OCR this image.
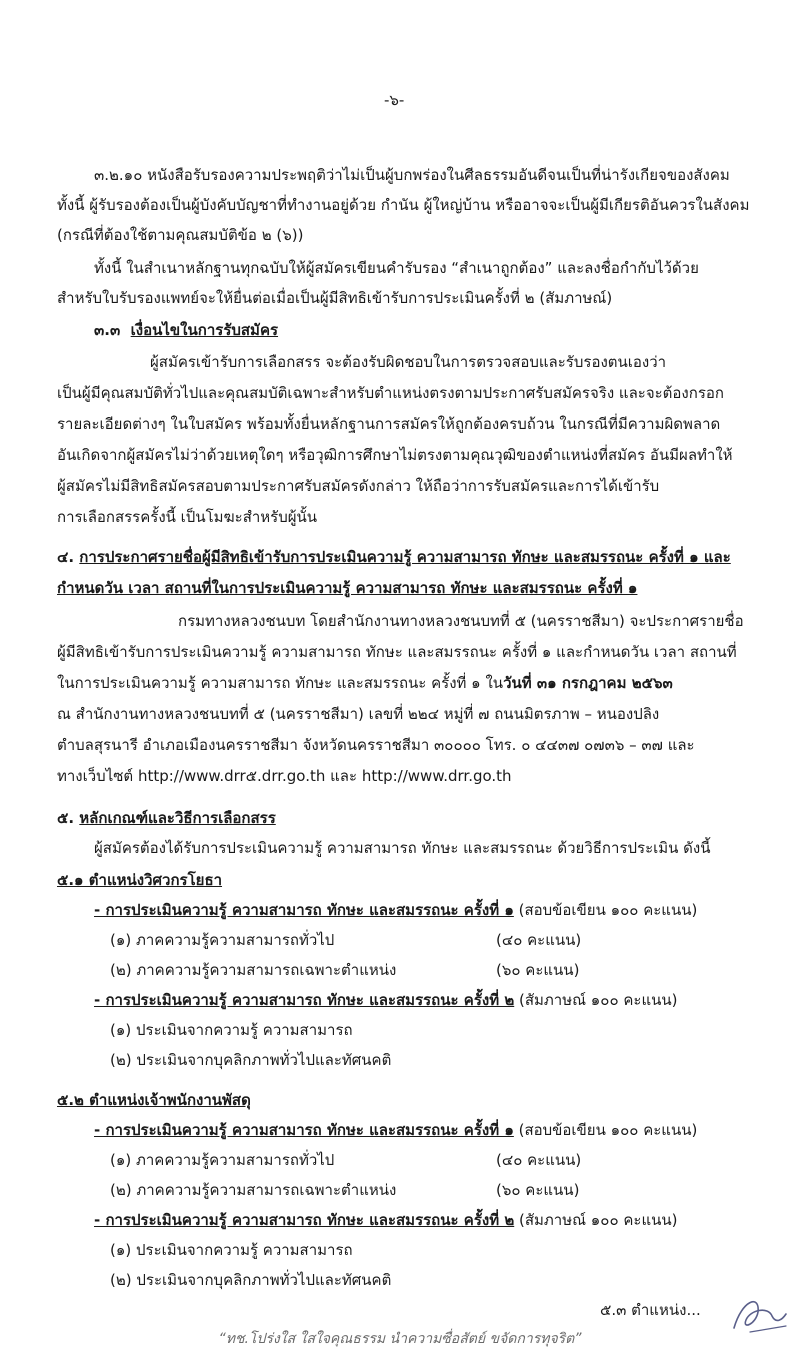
-๖-
๓.๒.๑๐ หนังสือรับรองความประพฤติว่าไม่เป็นผู้บกพร่องในศีลธรรมอันดีจนเป็นที่น่ารังเกียจของสังคม
ทั้งนี้ ผู้รับรองต้องเป็นผู้บังคับบัญชาที่ทำงานอยู่ด้วย กำนัน ผู้ใหญ่บ้าน หรืออาจจะเป็นผู้มีเกียรติอันควรในสังคม
(กรณีที่ต้องใช้ตามคุณสมบัติข้อ ๒ (๖))
ทั้งนี้ ในสำเนาหลักฐานทุกฉบับให้ผู้สมัครเขียนคำรับรอง “สำเนาถูกต้อง” และลงชื่อกำกับไว้ด้วย
สำหรับใบรับรองแพทย์จะให้ยื่นต่อเมื่อเป็นผู้มีสิทธิเข้ารับการประเมินครั้งที่ ๒ (สัมภาษณ์)
๓.๓ เงื่อนไขในการรับสมัคร
ผู้สมัครเข้ารับการเลือกสรร จะต้องรับผิดชอบในการตรวจสอบและรับรองตนเองว่า
เป็นผู้มีคุณสมบัติทั่วไปและคุณสมบัติเฉพาะสำหรับตำแหน่งตรงตามประกาศรับสมัครจริง และจะต้องกรอก
รายละเอียดต่างๆ ในใบสมัคร พร้อมทั้งยื่นหลักฐานการสมัครให้ถูกต้องครบถ้วน ในกรณีที่มีความผิดพลาด
อันเกิดจากผู้สมัครไม่ว่าด้วยเหตุใดๆ หรือวุฒิการศึกษาไม่ตรงตามคุณวุฒิของตำแหน่งที่สมัคร อันมีผลทำให้
ผู้สมัครไม่มีสิทธิสมัครสอบตามประกาศรับสมัครดังกล่าว ให้ถือว่าการรับสมัครและการได้เข้ารับ
การเลือกสรรครั้งนี้ เป็นโมฆะสำหรับผู้นั้น
๔. การประกาศรายชื่อผู้มีสิทธิเข้ารับการประเมินความรู้ ความสามารถ ทักษะ และสมรรถนะ ครั้งที่ ๑ และ
กำหนดวัน เวลา สถานที่ในการประเมินความรู้ ความสามารถ ทักษะ และสมรรถนะ ครั้งที่ ๑
กรมทางหลวงชนบท โดยสำนักงานทางหลวงชนบทที่ ๕ (นครราชสีมา) จะประกาศรายชื่อ
ผู้มีสิทธิเข้ารับการประเมินความรู้ ความสามารถ ทักษะ และสมรรถนะ ครั้งที่ ๑ และกำหนดวัน เวลา สถานที่
ในการประเมินความรู้ ความสามารถ ทักษะ และสมรรถนะ ครั้งที่ ๑ ในวันที่ ๓๑ กรกฎาคม ๒๕๖๓
ณ สำนักงานทางหลวงชนบทที่ ๕ (นครราชสีมา) เลขที่ ๒๒๔ หมู่ที่ ๗ ถนนมิตรภาพ – หนองปลิง
ตำบลสุรนารี อำเภอเมืองนครราชสีมา จังหวัดนครราชสีมา ๓๐๐๐๐ โทร. ๐ ๔๔๓๗ ๐๗๓๖ – ๓๗ และ
ทางเว็บไซต์ http://www.drr๕.drr.go.th และ http://www.drr.go.th
๕. หลักเกณฑ์และวิธีการเลือกสรร
ผู้สมัครต้องได้รับการประเมินความรู้ ความสามารถ ทักษะ และสมรรถนะ ด้วยวิธีการประเมิน ดังนี้
๕.๑ ตำแหน่งวิศวกรโยธา
- การประเมินความรู้ ความสามารถ ทักษะ และสมรรถนะ ครั้งที่ ๑ (สอบข้อเขียน ๑๐๐ คะแนน)
(๑) ภาคความรู้ความสามารถทั่วไป	(๔๐ คะแนน)
(๒) ภาคความรู้ความสามารถเฉพาะตำแหน่ง	(๖๐ คะแนน)
- การประเมินความรู้ ความสามารถ ทักษะ และสมรรถนะ ครั้งที่ ๒ (สัมภาษณ์ ๑๐๐ คะแนน)
(๑) ประเมินจากความรู้ ความสามารถ
(๒) ประเมินจากบุคลิกภาพทั่วไปและทัศนคติ
๕.๒ ตำแหน่งเจ้าพนักงานพัสดุ
- การประเมินความรู้ ความสามารถ ทักษะ และสมรรถนะ ครั้งที่ ๑ (สอบข้อเขียน ๑๐๐ คะแนน)
(๑) ภาคความรู้ความสามารถทั่วไป	(๔๐ คะแนน)
(๒) ภาคความรู้ความสามารถเฉพาะตำแหน่ง	(๖๐ คะแนน)
- การประเมินความรู้ ความสามารถ ทักษะ และสมรรถนะ ครั้งที่ ๒ (สัมภาษณ์ ๑๐๐ คะแนน)
(๑) ประเมินจากความรู้ ความสามารถ
(๒) ประเมินจากบุคลิกภาพทั่วไปและทัศนคติ
๕.๓ ตำแหน่ง...
“ทช.โปร่งใส ใสใจคุณธรรม นำความซื่อสัตย์ ขจัดการทุจริต”
